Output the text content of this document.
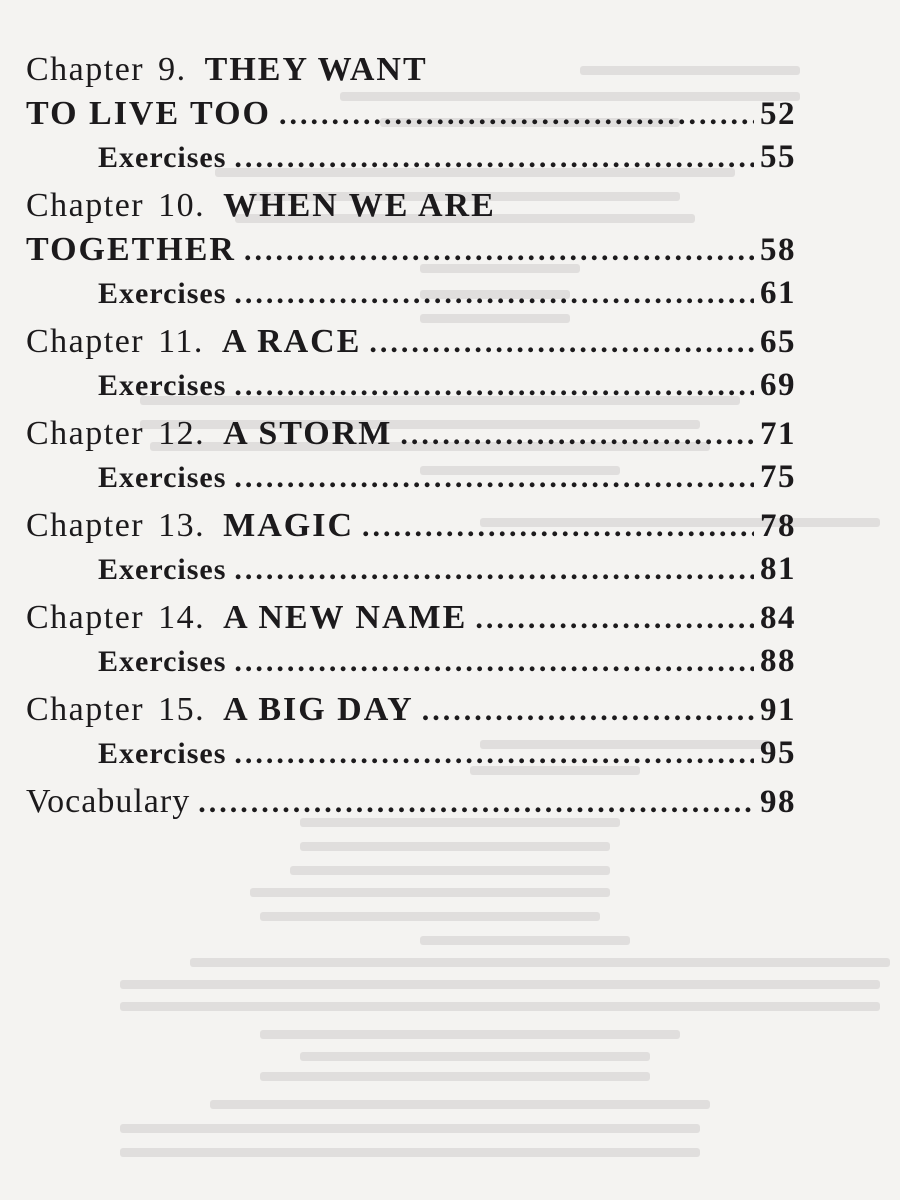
Chapter 9. THEY WANT
TO LIVE TOO .....	52
Exercises .....	55
Chapter 10. WHEN WE ARE
TOGETHER .....	58
Exercises .....	61
Chapter 11. A RACE .....	65
Exercises .....	69
Chapter 12. A STORM .....	71
Exercises .....	75
Chapter 13. MAGIC .....	78
Exercises .....	81
Chapter 14. A NEW NAME .....	84
Exercises .....	88
Chapter 15. A BIG DAY .....	91
Exercises .....	95
Vocabulary .....	98
